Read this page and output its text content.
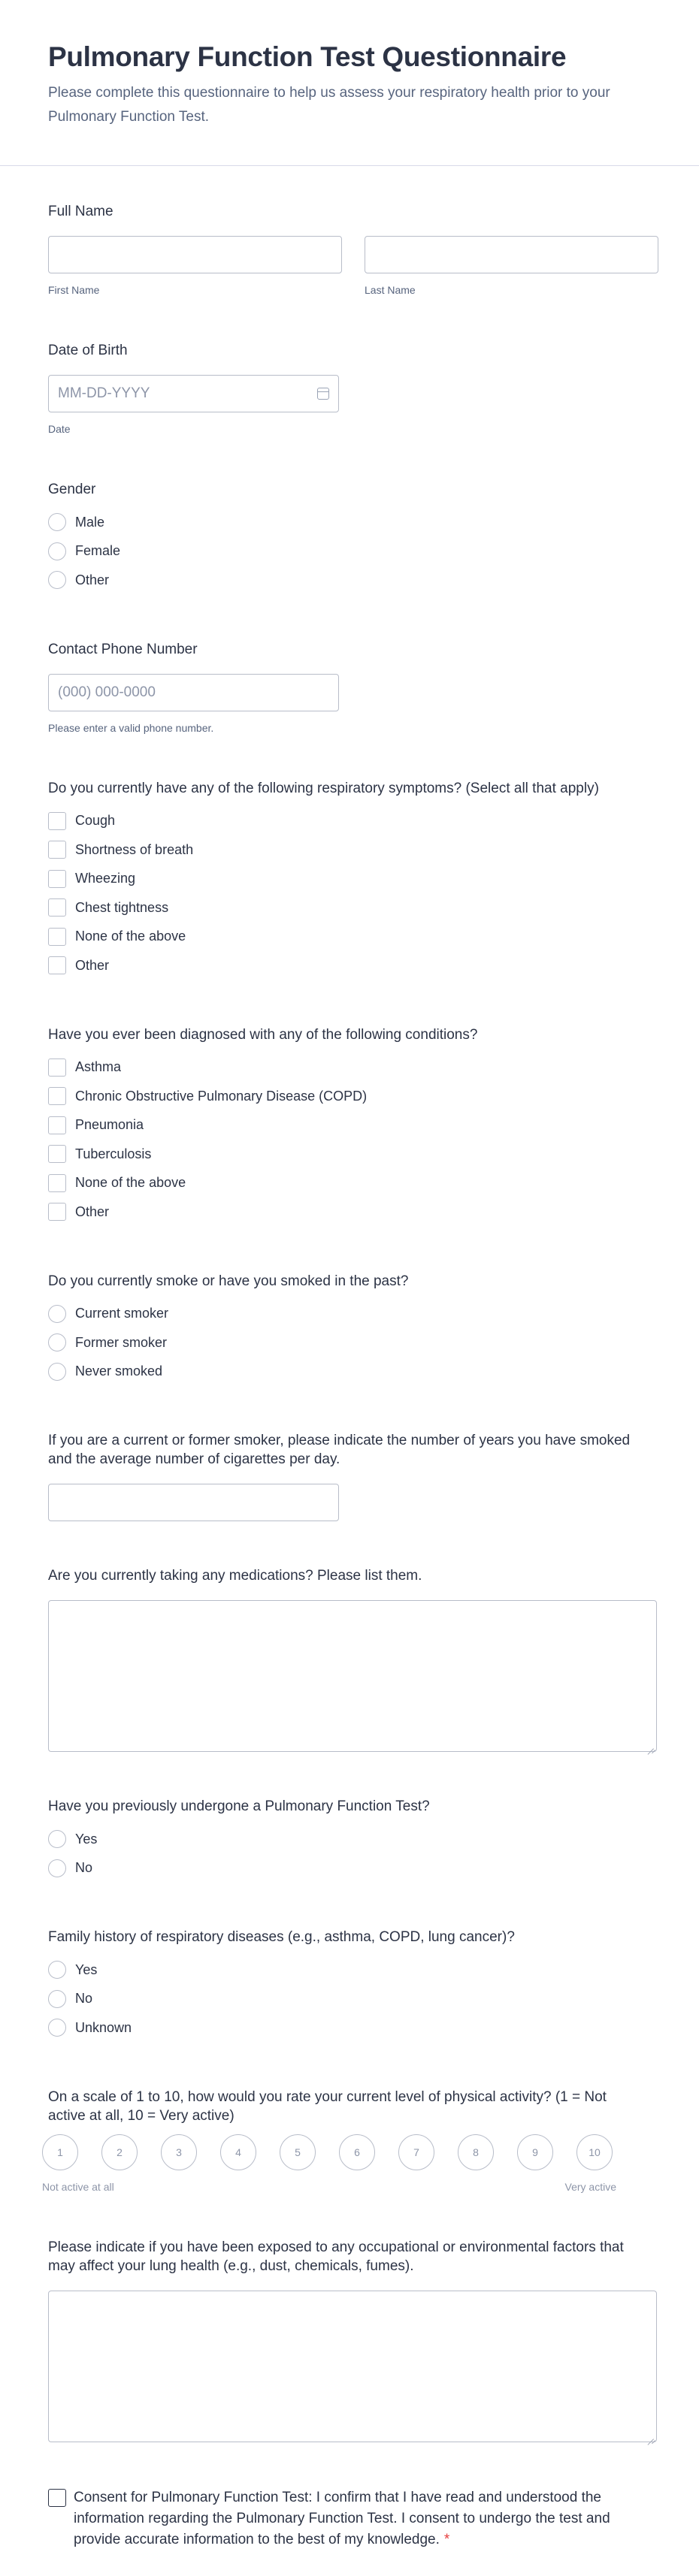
Pulmonary Function Test Questionnaire
Please complete this questionnaire to help us assess your respiratory health prior to your Pulmonary Function Test.
Full Name
First Name	Last Name
Date of Birth
MM-DD-YYYY
Date
Gender
Male
Female
Other
Contact Phone Number
(000) 000-0000
Please enter a valid phone number.
Do you currently have any of the following respiratory symptoms? (Select all that apply)
Cough
Shortness of breath
Wheezing
Chest tightness
None of the above
Other
Have you ever been diagnosed with any of the following conditions?
Asthma
Chronic Obstructive Pulmonary Disease (COPD)
Pneumonia
Tuberculosis
None of the above
Other
Do you currently smoke or have you smoked in the past?
Current smoker
Former smoker
Never smoked
If you are a current or former smoker, please indicate the number of years you have smoked and the average number of cigarettes per day.
Are you currently taking any medications? Please list them.
Have you previously undergone a Pulmonary Function Test?
Yes
No
Family history of respiratory diseases (e.g., asthma, COPD, lung cancer)?
Yes
No
Unknown
On a scale of 1 to 10, how would you rate your current level of physical activity? (1 = Not active at all, 10 = Very active)
1	2	3	4	5	6	7	8	9	10
Not active at all	Very active
Please indicate if you have been exposed to any occupational or environmental factors that may affect your lung health (e.g., dust, chemicals, fumes).
Consent for Pulmonary Function Test: I confirm that I have read and understood the information regarding the Pulmonary Function Test. I consent to undergo the test and provide accurate information to the best of my knowledge. *
